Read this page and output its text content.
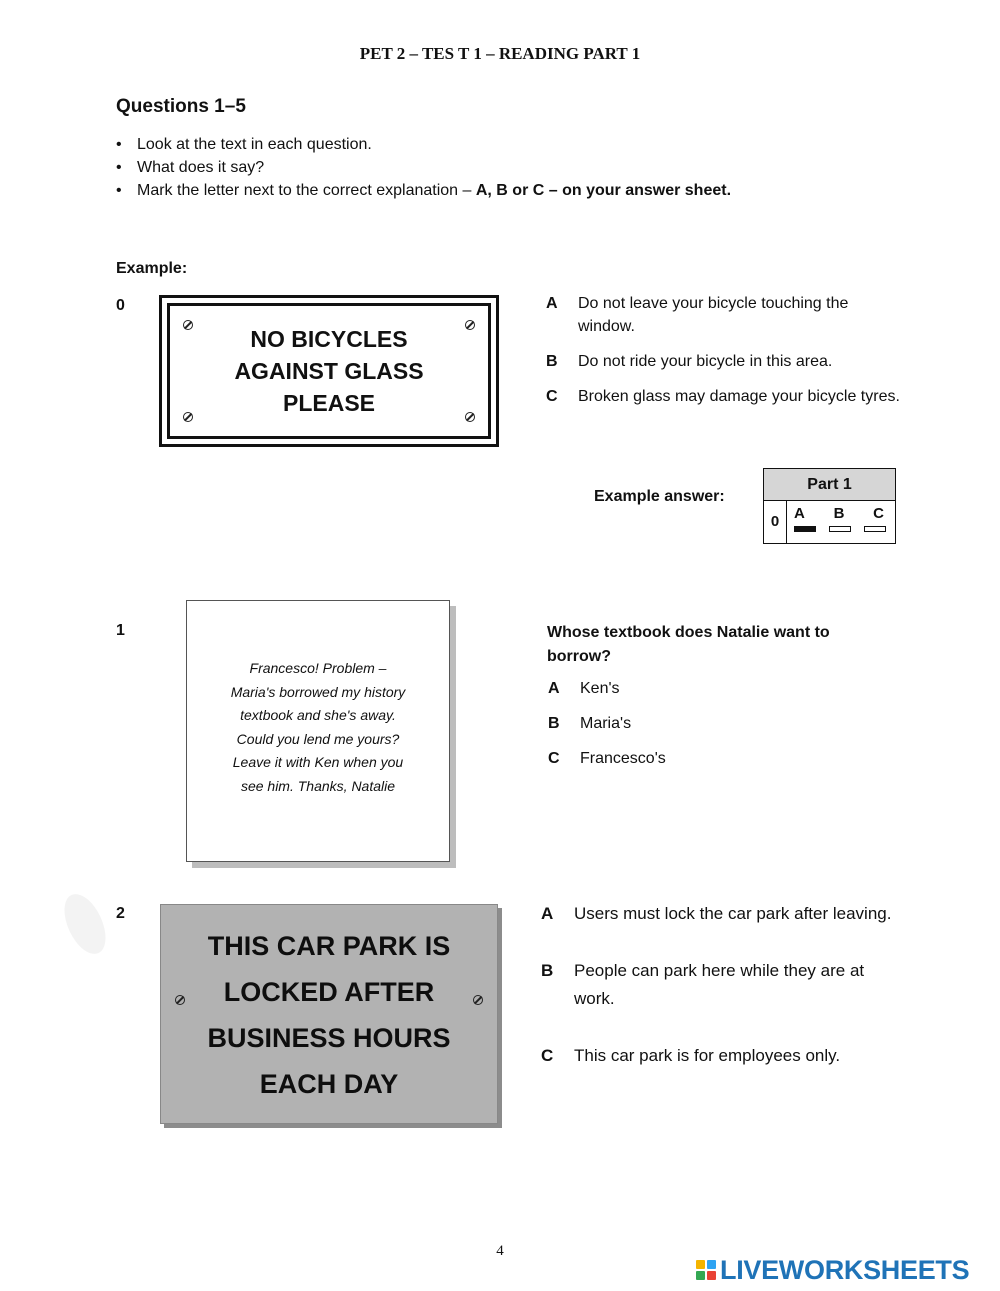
PET 2 – TES T 1 – READING PART 1
Questions 1–5
• Look at the text in each question.
• What does it say?
• Mark the letter next to the correct explanation – A, B or C – on your answer sheet.
Example:
0
NO BICYCLES
AGAINST GLASS
PLEASE
A Do not leave your bicycle touching the window.
B Do not ride your bicycle in this area.
C Broken glass may damage your bicycle tyres.
Example answer:
Part 1
0 A B C
1
Francesco! Problem –
Maria's borrowed my history
textbook and she's away.
Could you lend me yours?
Leave it with Ken when you
see him. Thanks, Natalie
Whose textbook does Natalie want to borrow?
A Ken's
B Maria's
C Francesco's
2
THIS CAR PARK IS
LOCKED AFTER
BUSINESS HOURS
EACH DAY
A Users must lock the car park after leaving.
B People can park here while they are at work.
C This car park is for employees only.
4
LIVEWORKSHEETS
